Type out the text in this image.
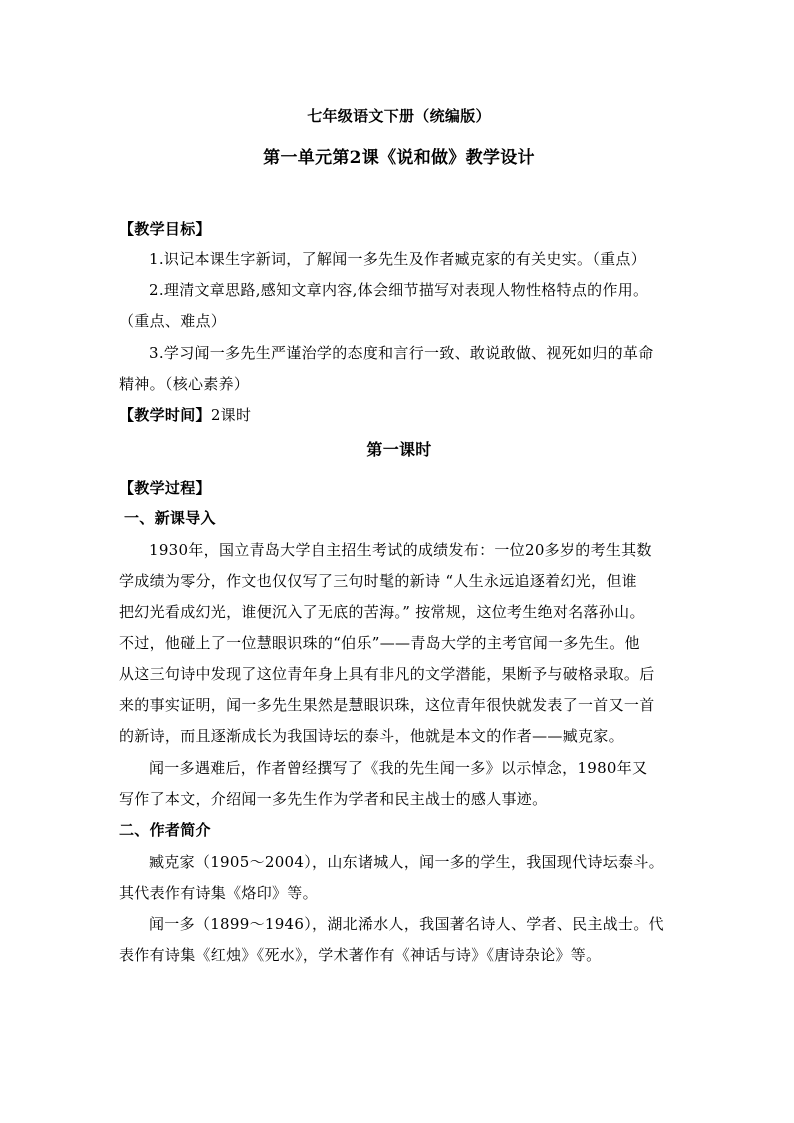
七年级语文下册（统编版）
第一单元第2课《说和做》教学设计
【教学目标】
1.识记本课生字新词，了解闻一多先生及作者臧克家的有关史实。（重点）
2.理清文章思路,感知文章内容,体会细节描写对表现人物性格特点的作用。
（重点、难点）
3.学习闻一多先生严谨治学的态度和言行一致、敢说敢做、视死如归的革命
精神。（核心素养）
【教学时间】2课时
第一课时
【教学过程】
一、新课导入
1930年，国立青岛大学自主招生考试的成绩发布：一位20多岁的考生其数
学成绩为零分，作文也仅仅写了三句时髦的新诗 “人生永远追逐着幻光，但谁
把幻光看成幻光，谁便沉入了无底的苦海。” 按常规，这位考生绝对名落孙山。
不过，他碰上了一位慧眼识珠的“伯乐”——青岛大学的主考官闻一多先生。他
从这三句诗中发现了这位青年身上具有非凡的文学潜能，果断予与破格录取。后
来的事实证明，闻一多先生果然是慧眼识珠，这位青年很快就发表了一首又一首
的新诗，而且逐渐成长为我国诗坛的泰斗，他就是本文的作者——臧克家。
闻一多遇难后，作者曾经撰写了《我的先生闻一多》以示悼念，1980年又
写作了本文，介绍闻一多先生作为学者和民主战士的感人事迹。
二、作者简介
臧克家（1905～2004），山东诸城人，闻一多的学生，我国现代诗坛泰斗。
其代表作有诗集《烙印》等。
闻一多（1899～1946），湖北浠水人，我国著名诗人、学者、民主战士。代
表作有诗集《红烛》《死水》，学术著作有《神话与诗》《唐诗杂论》等。
